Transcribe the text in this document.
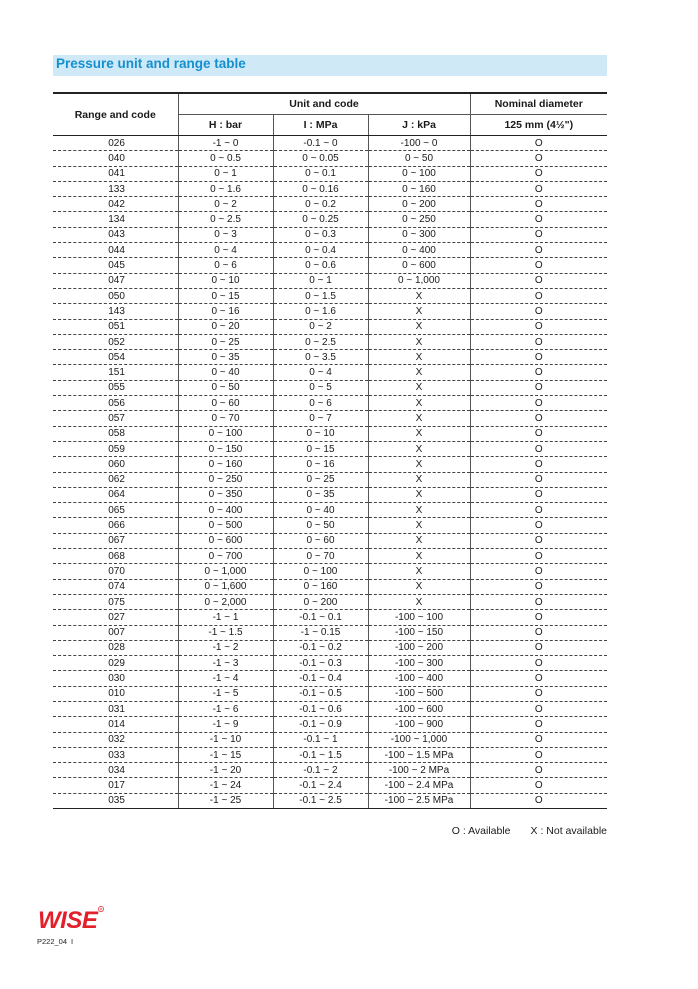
Pressure unit and range table
Range and code	Unit and code			Nominal diameter
	H : bar	I : MPa	J : kPa	125 mm (4½")
026	-1 ~ 0	-0.1 ~ 0	-100 ~ 0	O
040	0 ~ 0.5	0 ~ 0.05	0 ~ 50	O
041	0 ~ 1	0 ~ 0.1	0 ~ 100	O
133	0 ~ 1.6	0 ~ 0.16	0 ~ 160	O
042	0 ~ 2	0 ~ 0.2	0 ~ 200	O
134	0 ~ 2.5	0 ~ 0.25	0 ~ 250	O
043	0 ~ 3	0 ~ 0.3	0 ~ 300	O
044	0 ~ 4	0 ~ 0.4	0 ~ 400	O
045	0 ~ 6	0 ~ 0.6	0 ~ 600	O
047	0 ~ 10	0 ~ 1	0 ~ 1,000	O
050	0 ~ 15	0 ~ 1.5	X	O
143	0 ~ 16	0 ~ 1.6	X	O
051	0 ~ 20	0 ~ 2	X	O
052	0 ~ 25	0 ~ 2.5	X	O
054	0 ~ 35	0 ~ 3.5	X	O
151	0 ~ 40	0 ~ 4	X	O
055	0 ~ 50	0 ~ 5	X	O
056	0 ~ 60	0 ~ 6	X	O
057	0 ~ 70	0 ~ 7	X	O
058	0 ~ 100	0 ~ 10	X	O
059	0 ~ 150	0 ~ 15	X	O
060	0 ~ 160	0 ~ 16	X	O
062	0 ~ 250	0 ~ 25	X	O
064	0 ~ 350	0 ~ 35	X	O
065	0 ~ 400	0 ~ 40	X	O
066	0 ~ 500	0 ~ 50	X	O
067	0 ~ 600	0 ~ 60	X	O
068	0 ~ 700	0 ~ 70	X	O
070	0 ~ 1,000	0 ~ 100	X	O
074	0 ~ 1,600	0 ~ 160	X	O
075	0 ~ 2,000	0 ~ 200	X	O
027	-1 ~ 1	-0.1 ~ 0.1	-100 ~ 100	O
007	-1 ~ 1.5	-1 ~ 0.15	-100 ~ 150	O
028	-1 ~ 2	-0.1 ~ 0.2	-100 ~ 200	O
029	-1 ~ 3	-0.1 ~ 0.3	-100 ~ 300	O
030	-1 ~ 4	-0.1 ~ 0.4	-100 ~ 400	O
010	-1 ~ 5	-0.1 ~ 0.5	-100 ~ 500	O
031	-1 ~ 6	-0.1 ~ 0.6	-100 ~ 600	O
014	-1 ~ 9	-0.1 ~ 0.9	-100 ~ 900	O
032	-1 ~ 10	-0.1 ~ 1	-100 ~ 1,000	O
033	-1 ~ 15	-0.1 ~ 1.5	-100 ~ 1.5 MPa	O
034	-1 ~ 20	-0.1 ~ 2	-100 ~ 2 MPa	O
017	-1 ~ 24	-0.1 ~ 2.4	-100 ~ 2.4 MPa	O
035	-1 ~ 25	-0.1 ~ 2.5	-100 ~ 2.5 MPa	O
O : Available X : Not available
WISE R
P222_04 I
